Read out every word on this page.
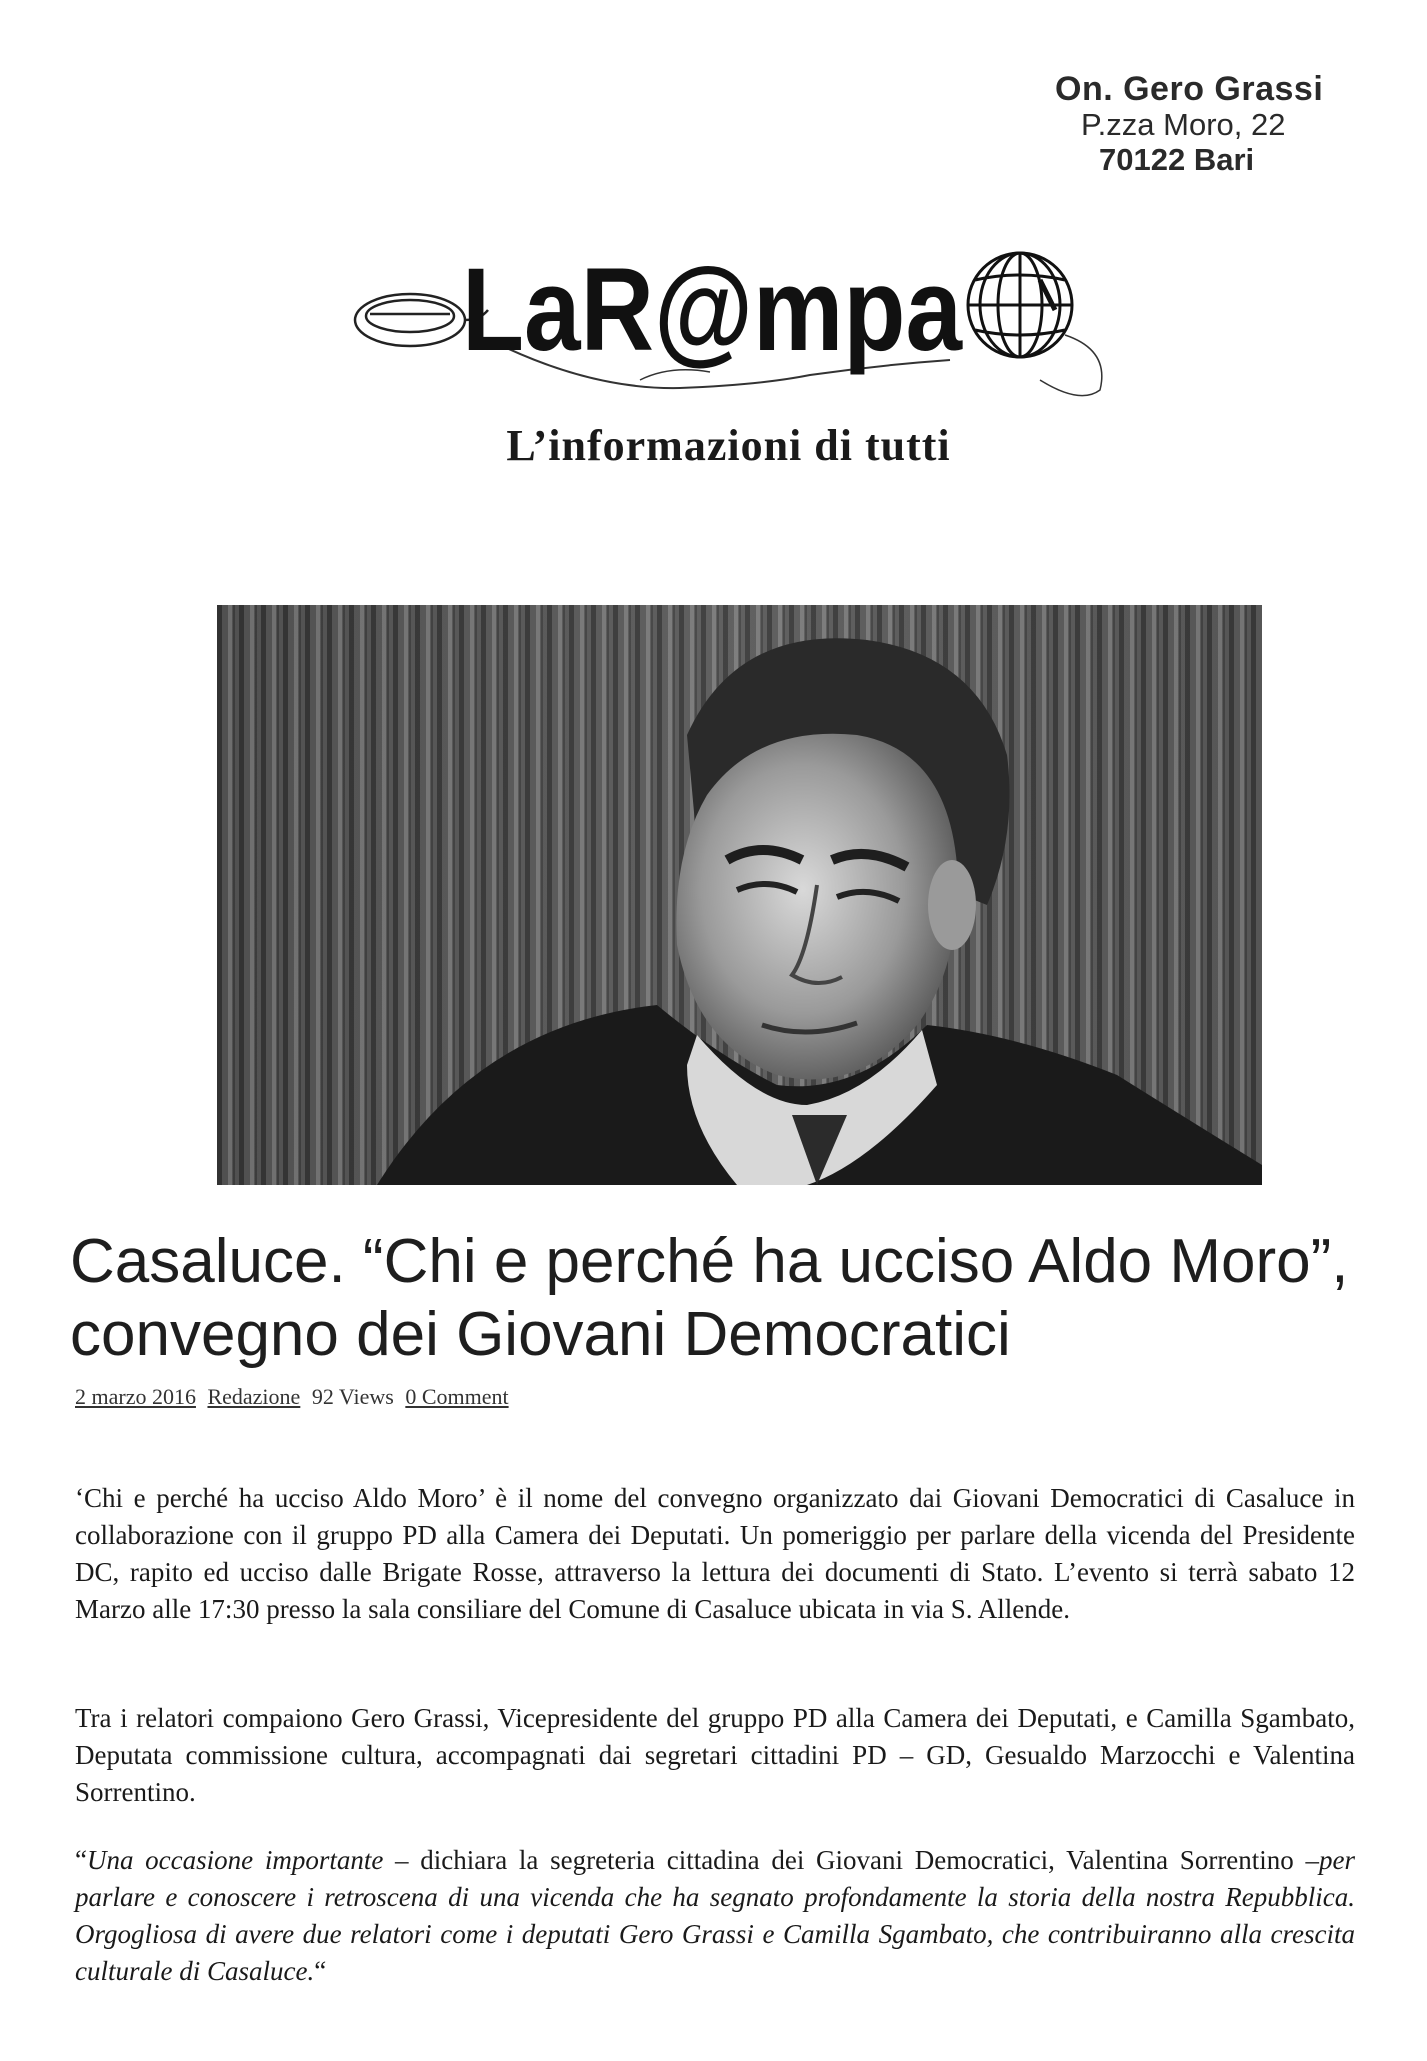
On. Gero Grassi
P.zza Moro, 22
70122 Bari
LaR@mpa
L’informazioni di tutti
Casaluce. “Chi e perché ha ucciso Aldo Moro”, convegno dei Giovani Democratici
2 marzo 2016 Redazione 92 Views 0 Comment

‘Chi e perché ha ucciso Aldo Moro’ è il nome del convegno organizzato dai Giovani Democratici di Casaluce in collaborazione con il gruppo PD alla Camera dei Deputati. Un pomeriggio per parlare della vicenda del Presidente DC, rapito ed ucciso dalle Brigate Rosse, attraverso la lettura dei documenti di Stato. L’evento si terrà sabato 12 Marzo alle 17:30 presso la sala consiliare del Comune di Casaluce ubicata in via S. Allende.

Tra i relatori compaiono Gero Grassi, Vicepresidente del gruppo PD alla Camera dei Deputati, e Camilla Sgambato, Deputata commissione cultura, accompagnati dai segretari cittadini PD – GD, Gesualdo Marzocchi e Valentina Sorrentino.

“Una occasione importante – dichiara la segreteria cittadina dei Giovani Democratici, Valentina Sorrentino –per parlare e conoscere i retroscena di una vicenda che ha segnato profondamente la storia della nostra Repubblica. Orgogliosa di avere due relatori come i deputati Gero Grassi e Camilla Sgambato, che contribuiranno alla crescita culturale di Casaluce.“
